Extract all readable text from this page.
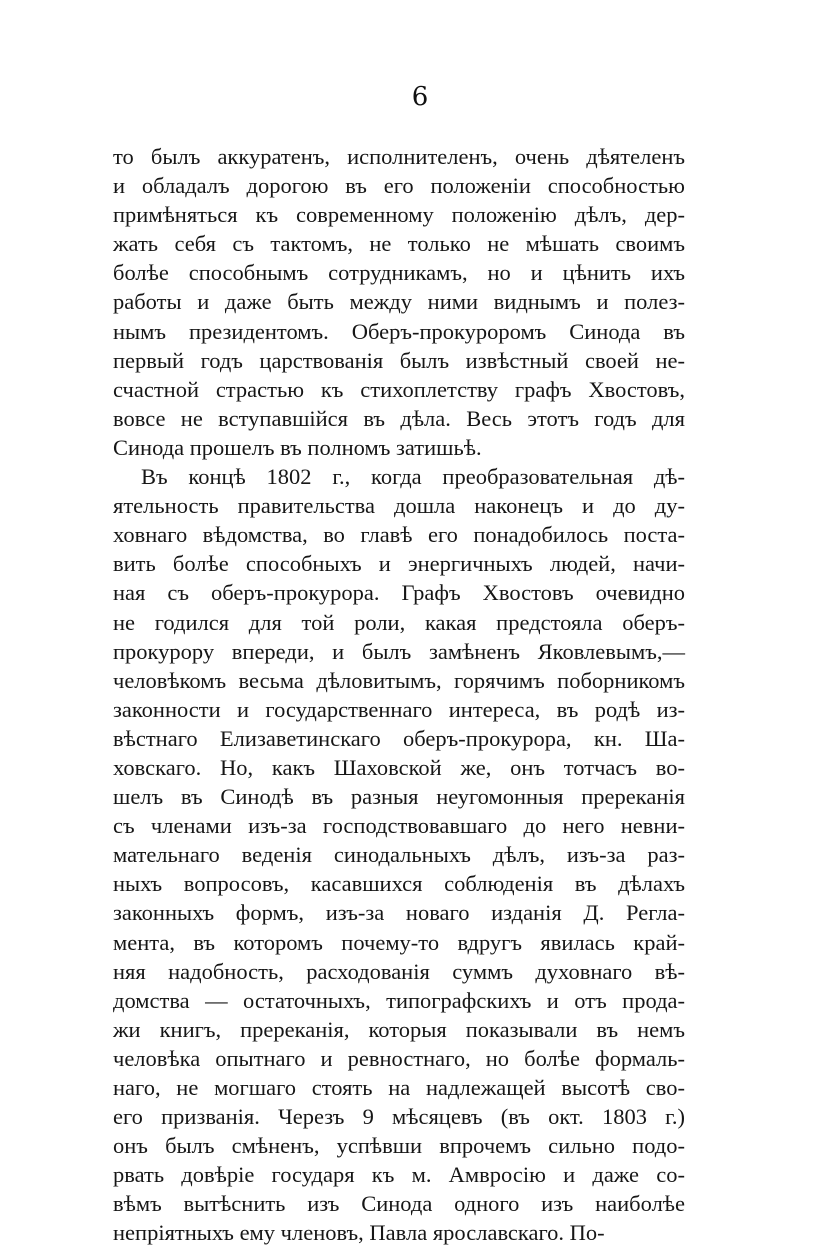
6
то былъ аккуратенъ, исполнителенъ, очень дѣятеленъ
и обладалъ дорогою въ его положеніи способностью
примѣняться къ современному положенію дѣлъ, дер-
жать себя съ тактомъ, не только не мѣшать своимъ
болѣе способнымъ сотрудникамъ, но и цѣнить ихъ
работы и даже быть между ними виднымъ и полез-
нымъ президентомъ. Оберъ-прокуроромъ Синода въ
первый годъ царствованія былъ извѣстный своей не-
счастной страстью къ стихоплетству графъ Хвостовъ,
вовсе не вступавшійся въ дѣла. Весь этотъ годъ для
Синода прошелъ въ полномъ затишьѣ.
Въ концѣ 1802 г., когда преобразовательная дѣ-
ятельность правительства дошла наконецъ и до ду-
ховнаго вѣдомства, во главѣ его понадобилось поста-
вить болѣе способныхъ и энергичныхъ людей, начи-
ная съ оберъ-прокурора. Графъ Хвостовъ очевидно
не годился для той роли, какая предстояла оберъ-
прокурору впереди, и былъ замѣненъ Яковлевымъ,—
человѣкомъ весьма дѣловитымъ, горячимъ поборникомъ
законности и государственнаго интереса, въ родѣ из-
вѣстнаго Елизаветинскаго оберъ-прокурора, кн. Ша-
ховскаго. Но, какъ Шаховской же, онъ тотчасъ во-
шелъ въ Синодѣ въ разныя неугомонныя пререканія
съ членами изъ-за господствовавшаго до него невни-
мательнаго веденія синодальныхъ дѣлъ, изъ-за раз-
ныхъ вопросовъ, касавшихся соблюденія въ дѣлахъ
законныхъ формъ, изъ-за новаго изданія Д. Регла-
мента, въ которомъ почему-то вдругъ явилась край-
няя надобность, расходованія суммъ духовнаго вѣ-
домства — остаточныхъ, типографскихъ и отъ прода-
жи книгъ, пререканія, которыя показывали въ немъ
человѣка опытнаго и ревностнаго, но болѣе формаль-
наго, не могшаго стоять на надлежащей высотѣ сво-
его призванія. Черезъ 9 мѣсяцевъ (въ окт. 1803 г.)
онъ былъ смѣненъ, успѣвши впрочемъ сильно подо-
рвать довѣріе государя къ м. Амвросію и даже со-
вѣмъ вытѣснить изъ Синода одного изъ наиболѣе
непріятныхъ ему членовъ, Павла ярославскаго. По-
